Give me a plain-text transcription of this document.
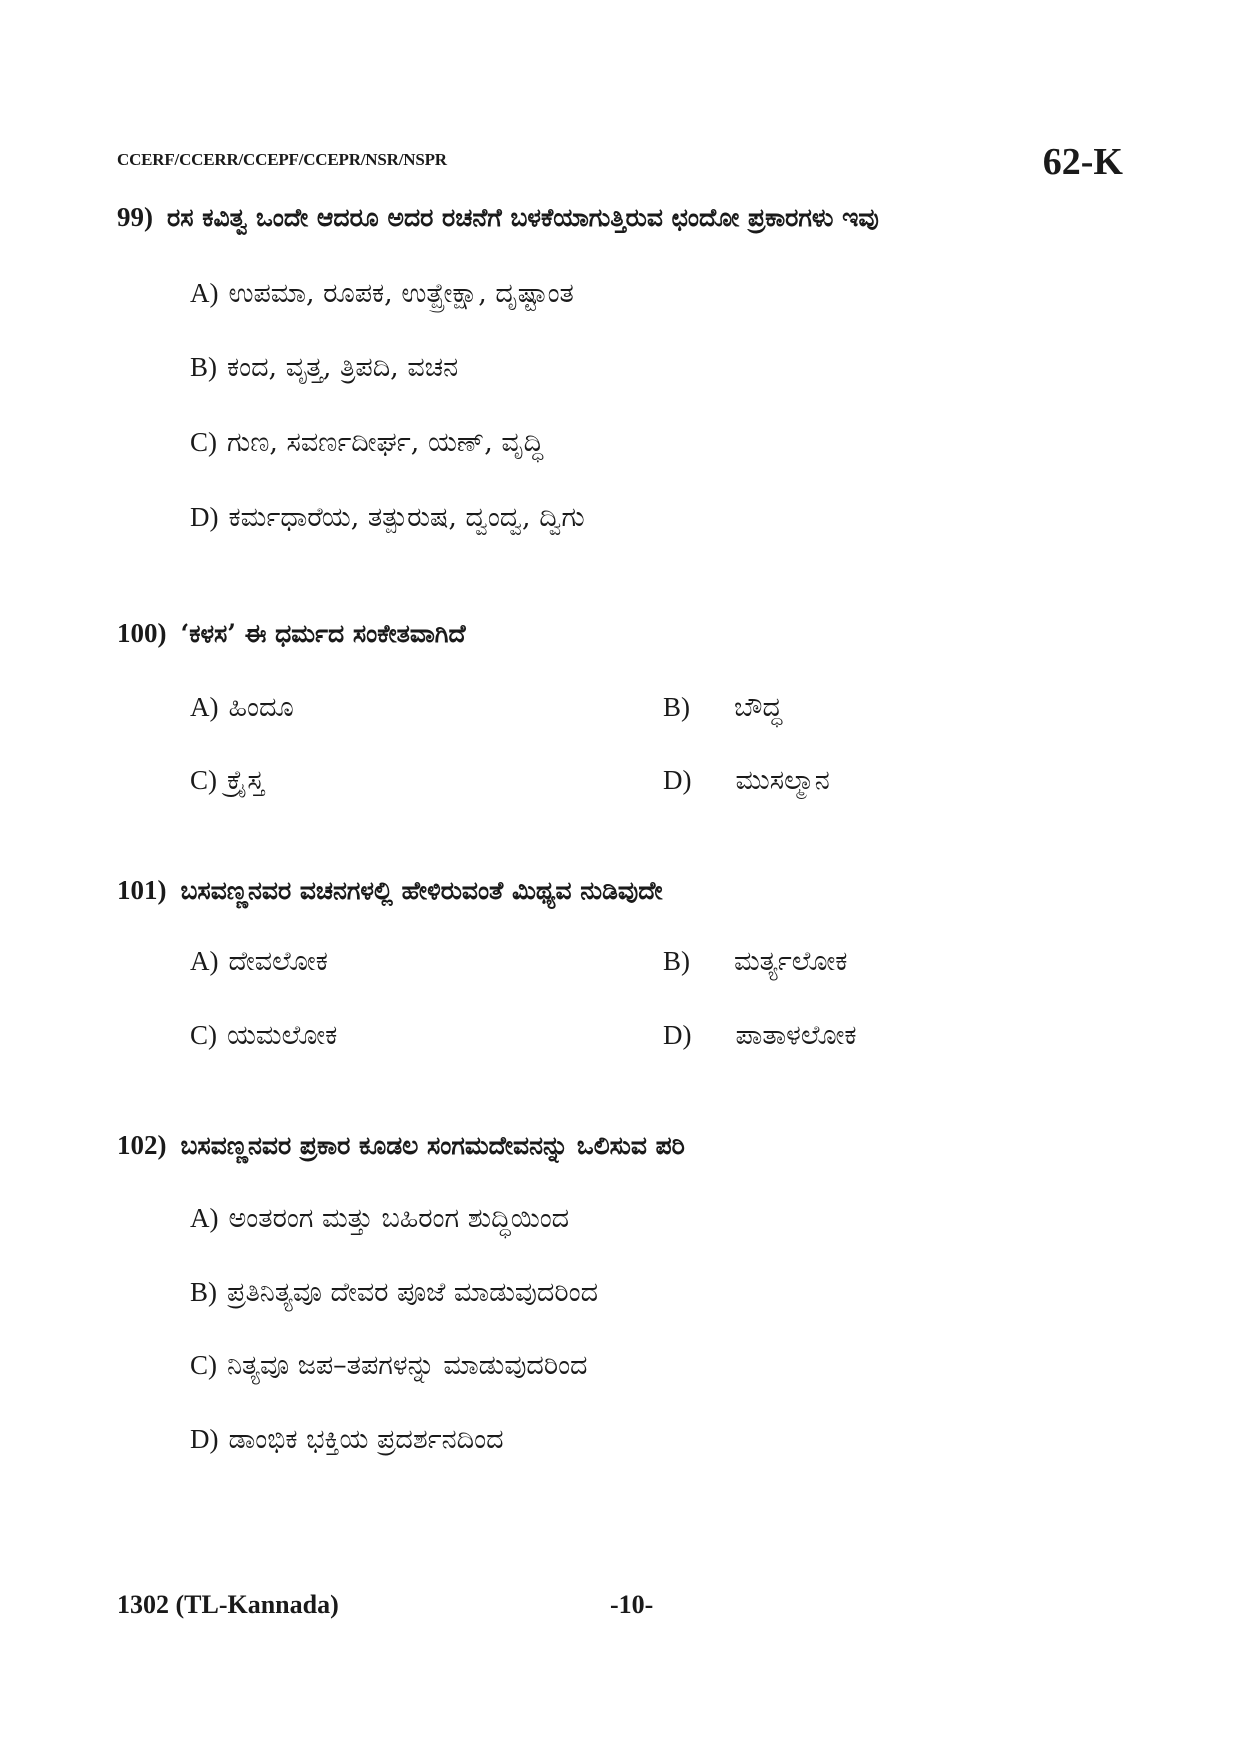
CCERF/CCERR/CCEPF/CCEPR/NSR/NSPR	62-K
99) ರಸ ಕವಿತ್ವ ಒಂದೇ ಆದರೂ ಅದರ ರಚನೆಗೆ ಬಳಕೆಯಾಗುತ್ತಿರುವ ಛಂದೋ ಪ್ರಕಾರಗಳು ಇವು
A) ಉಪಮಾ, ರೂಪಕ, ಉತ್ಪ್ರೇಕ್ಷಾ, ದೃಷ್ಟಾಂತ
B) ಕಂದ, ವೃತ್ತ, ತ್ರಿಪದಿ, ವಚನ
C) ಗುಣ, ಸವರ್ಣದೀರ್ಘ, ಯಣ್, ವೃದ್ಧಿ
D) ಕರ್ಮಧಾರೆಯ, ತತ್ಪುರುಷ, ದ್ವಂದ್ವ, ದ್ವಿಗು
100) ‘ಕಳಸ’ ಈ ಧರ್ಮದ ಸಂಕೇತವಾಗಿದೆ
A) ಹಿಂದೂ	B) ಬೌದ್ಧ
C) ಕ್ರೈಸ್ತ	D) ಮುಸಲ್ಮಾನ
101) ಬಸವಣ್ಣನವರ ವಚನಗಳಲ್ಲಿ ಹೇಳಿರುವಂತೆ ಮಿಥ್ಯವ ನುಡಿವುದೇ
A) ದೇವಲೋಕ	B) ಮರ್ತ್ಯಲೋಕ
C) ಯಮಲೋಕ	D) ಪಾತಾಳಲೋಕ
102) ಬಸವಣ್ಣನವರ ಪ್ರಕಾರ ಕೂಡಲ ಸಂಗಮದೇವನನ್ನು ಒಲಿಸುವ ಪರಿ
A) ಅಂತರಂಗ ಮತ್ತು ಬಹಿರಂಗ ಶುದ್ಧಿಯಿಂದ
B) ಪ್ರತಿನಿತ್ಯವೂ ದೇವರ ಪೂಜೆ ಮಾಡುವುದರಿಂದ
C) ನಿತ್ಯವೂ ಜಪ–ತಪಗಳನ್ನು ಮಾಡುವುದರಿಂದ
D) ಡಾಂಭಿಕ ಭಕ್ತಿಯ ಪ್ರದರ್ಶನದಿಂದ
1302 (TL-Kannada)	-10-
